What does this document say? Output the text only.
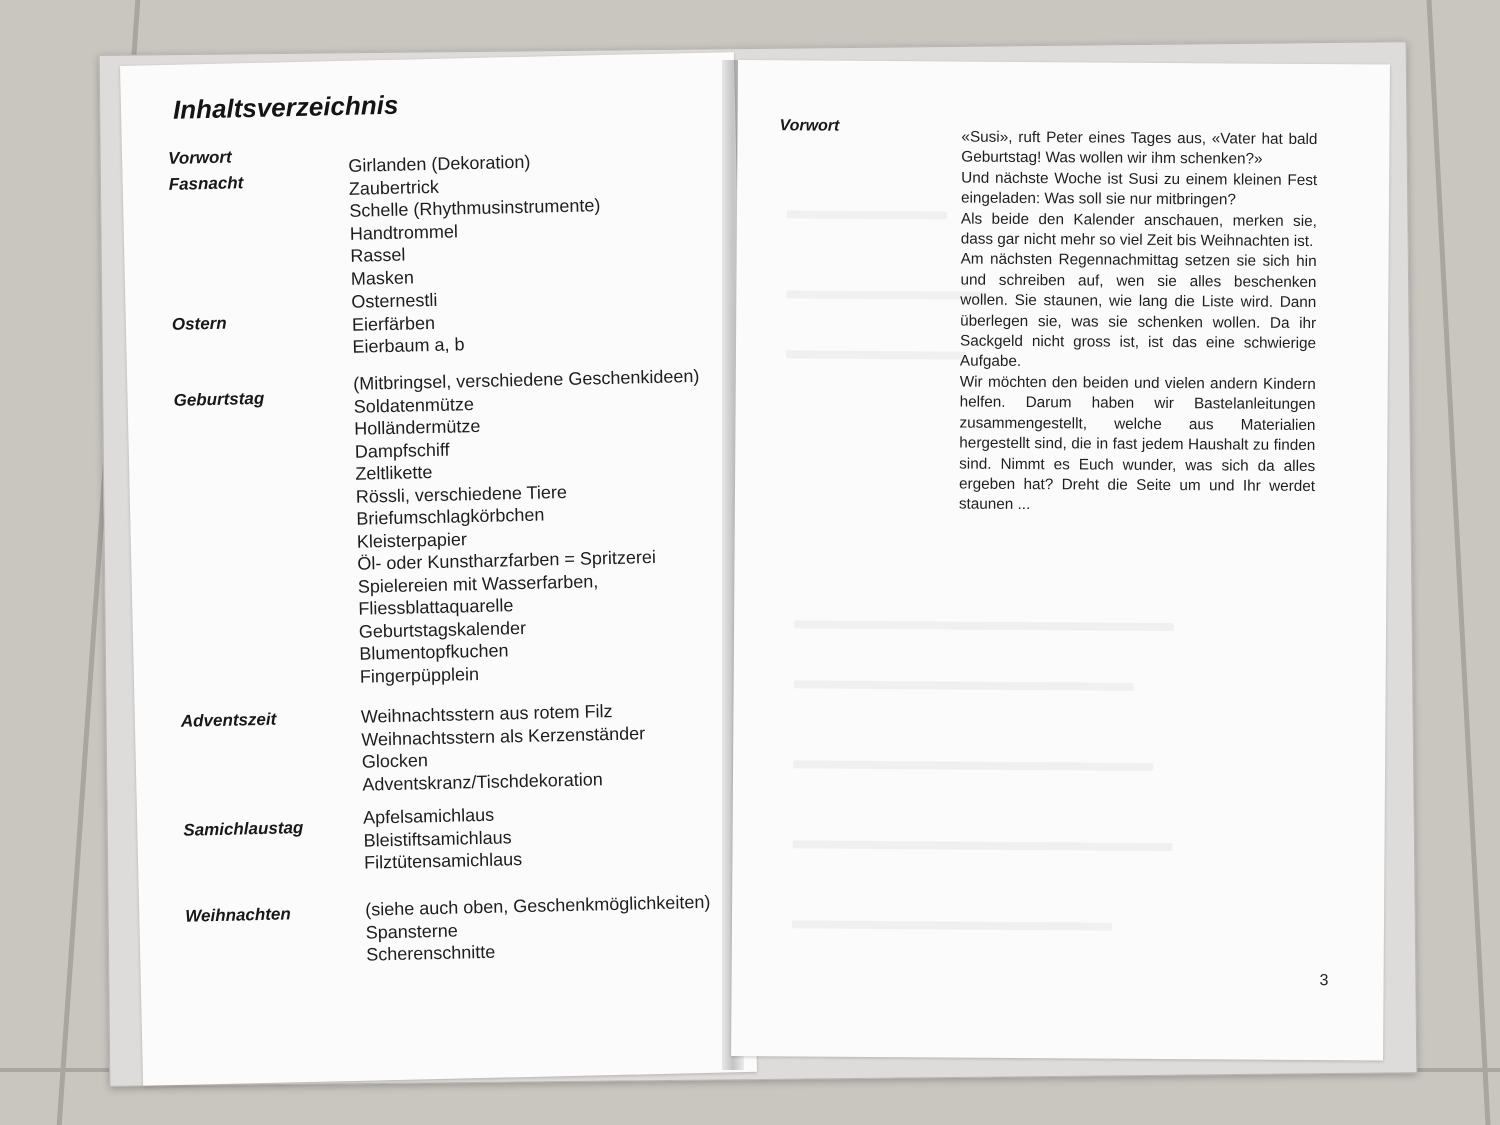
Inhaltsverzeichnis
Vorwort
Fasnacht
Girlanden (Dekoration)
Zaubertrick
Schelle (Rhythmusinstrumente)
Handtrommel
Rassel
Masken
Ostern
Osternestli
Eierfärben
Eierbaum a, b
Geburtstag
(Mitbringsel, verschiedene Geschenkideen)
Soldatenmütze
Holländermütze
Dampfschiff
Zeltlikette
Rössli, verschiedene Tiere
Briefumschlagkörbchen
Kleisterpapier
Öl- oder Kunstharzfarben = Spritzerei
Spielereien mit Wasserfarben,
Fliessblattaquarelle
Geburtstagskalender
Blumentopfkuchen
Fingerpüpplein
Adventszeit	Weihnachtsstern aus rotem Filz
Weihnachtsstern als Kerzenständer
Glocken
Adventskranz/Tischdekoration
Samichlaustag
Apfelsamichlaus
Bleistiftsamichlaus
Filztütensamichlaus
Weihnachten	(siehe auch oben, Geschenkmöglichkeiten)
Spansterne
Scherenschnitte
Vorwort

«Susi», ruft Peter eines Tages aus, «Vater hat bald Geburtstag! Was wollen wir ihm schenken?»

Und nächste Woche ist Susi zu einem kleinen Fest eingeladen: Was soll sie nur mitbringen?

Als beide den Kalender anschauen, merken sie, dass gar nicht mehr so viel Zeit bis Weihnachten ist.

Am nächsten Regennachmittag setzen sie sich hin und schreiben auf, wen sie alles beschenken wollen. Sie staunen, wie lang die Liste wird. Dann überlegen sie, was sie schenken wollen. Da ihr Sackgeld nicht gross ist, ist das eine schwierige Aufgabe.

Wir möchten den beiden und vielen andern Kindern helfen. Darum haben wir Bastelanleitungen zusammengestellt, welche aus Materialien hergestellt sind, die in fast jedem Haushalt zu finden sind. Nimmt es Euch wunder, was sich da alles ergeben hat? Dreht die Seite um und Ihr werdet staunen ...

3
